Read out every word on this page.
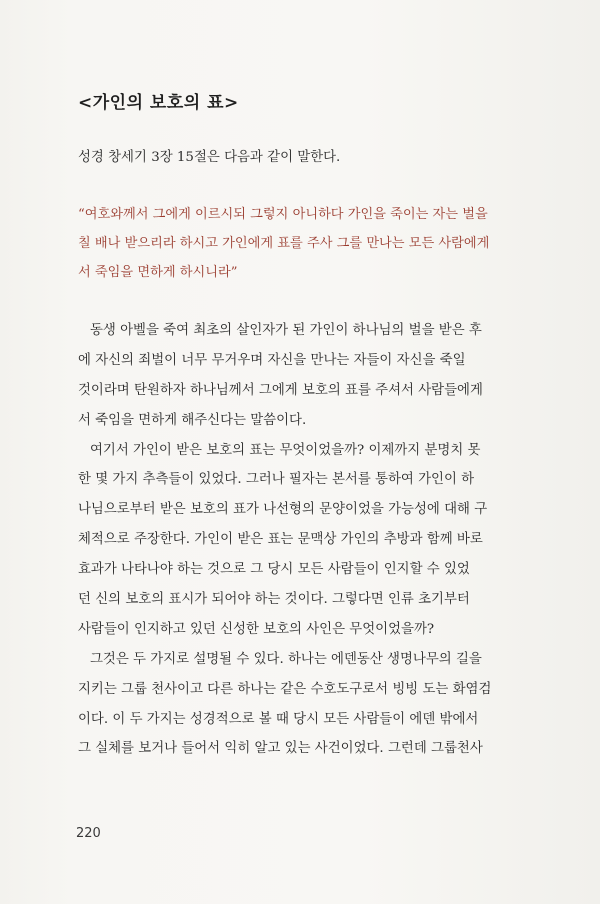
<가인의 보호의 표>
성경 창세기 3장 15절은 다음과 같이 말한다.
“여호와께서 그에게 이르시되 그렇지 아니하다 가인을 죽이는 자는 벌을
칠 배나 받으리라 하시고 가인에게 표를 주사 그를 만나는 모든 사람에게
서 죽임을 면하게 하시니라”
동생 아벨을 죽여 최초의 살인자가 된 가인이 하나님의 벌을 받은 후
에 자신의 죄벌이 너무 무거우며 자신을 만나는 자들이 자신을 죽일
것이라며 탄원하자 하나님께서 그에게 보호의 표를 주셔서 사람들에게
서 죽임을 면하게 해주신다는 말씀이다.
여기서 가인이 받은 보호의 표는 무엇이었을까? 이제까지 분명치 못
한 몇 가지 추측들이 있었다. 그러나 필자는 본서를 통하여 가인이 하
나님으로부터 받은 보호의 표가 나선형의 문양이었을 가능성에 대해 구
체적으로 주장한다. 가인이 받은 표는 문맥상 가인의 추방과 함께 바로
효과가 나타나야 하는 것으로 그 당시 모든 사람들이 인지할 수 있었
던 신의 보호의 표시가 되어야 하는 것이다. 그렇다면 인류 초기부터
사람들이 인지하고 있던 신성한 보호의 사인은 무엇이었을까?
그것은 두 가지로 설명될 수 있다. 하나는 에덴동산 생명나무의 길을
지키는 그룹 천사이고 다른 하나는 같은 수호도구로서 빙빙 도는 화염검
이다. 이 두 가지는 성경적으로 볼 때 당시 모든 사람들이 에덴 밖에서
그 실체를 보거나 들어서 익히 알고 있는 사건이었다. 그런데 그룹천사
220
